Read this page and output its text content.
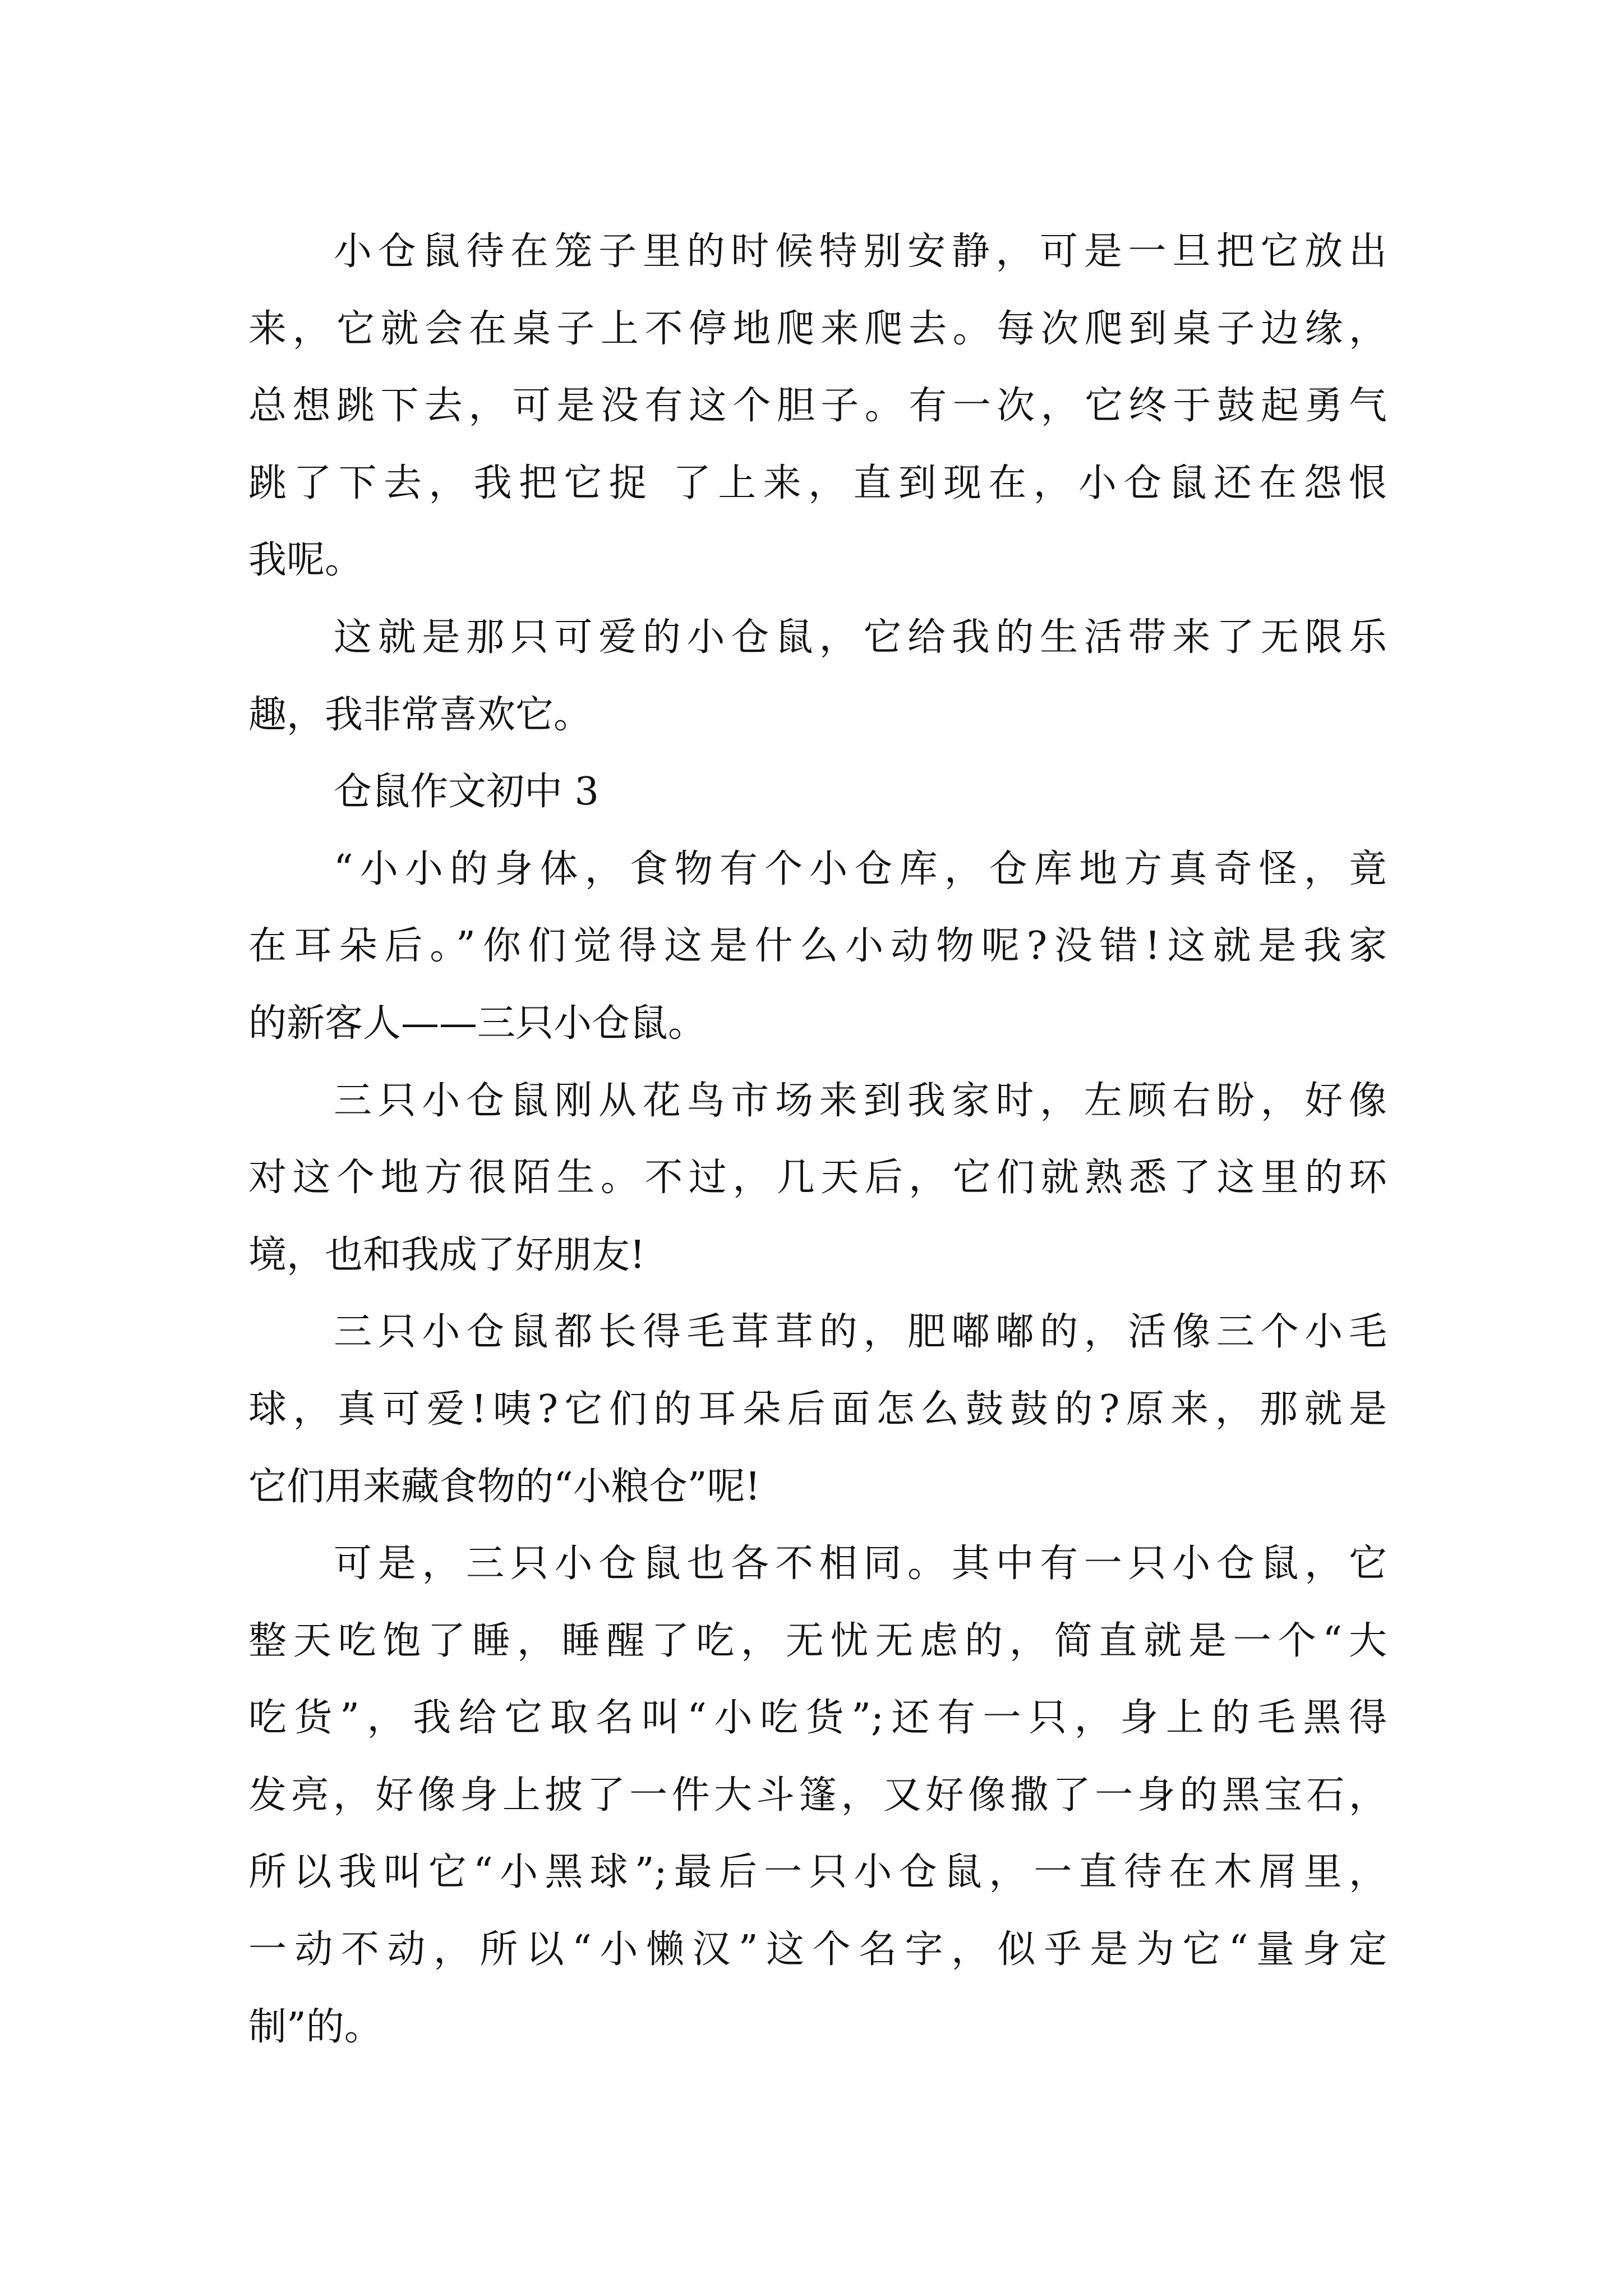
小仓鼠待在笼子里的时候特别安静，可是一旦把它放出
来，它就会在桌子上不停地爬来爬去。每次爬到桌子边缘，
总想跳下去，可是没有这个胆子。有一次，它终于鼓起勇气
跳了下去，我把它捉 了上来，直到现在，小仓鼠还在怨恨
我呢。
这就是那只可爱的小仓鼠，它给我的生活带来了无限乐
趣，我非常喜欢它。
仓鼠作文初中 3
“小小的身体，食物有个小仓库，仓库地方真奇怪，竟
在耳朵后。”你们觉得这是什么小动物呢?没错!这就是我家
的新客人——三只小仓鼠。
三只小仓鼠刚从花鸟市场来到我家时，左顾右盼，好像
对这个地方很陌生。不过，几天后，它们就熟悉了这里的环
境，也和我成了好朋友!
三只小仓鼠都长得毛茸茸的，肥嘟嘟的，活像三个小毛
球，真可爱!咦?它们的耳朵后面怎么鼓鼓的?原来，那就是
它们用来藏食物的“小粮仓”呢!
可是，三只小仓鼠也各不相同。其中有一只小仓鼠，它
整天吃饱了睡，睡醒了吃，无忧无虑的，简直就是一个“大
吃货”，我给它取名叫“小吃货”;还有一只，身上的毛黑得
发亮，好像身上披了一件大斗篷，又好像撒了一身的黑宝石，
所以我叫它“小黑球”;最后一只小仓鼠，一直待在木屑里，
一动不动，所以“小懒汉”这个名字，似乎是为它“量身定
制”的。
